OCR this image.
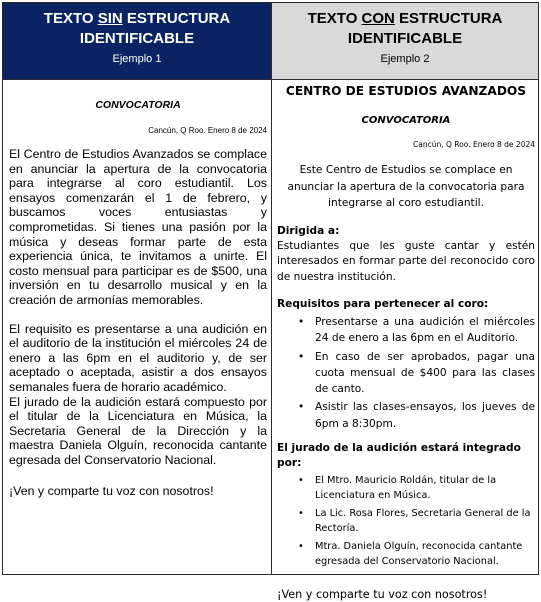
TEXTO SIN ESTRUCTURA
IDENTIFICABLE
Ejemplo 1
TEXTO CON ESTRUCTURA
IDENTIFICABLE
Ejemplo 2
CONVOCATORIA
Cancún, Q Roo. Enero 8 de 2024

El Centro de Estudios Avanzados se complace en anunciar la apertura de la convocatoria para integrarse al coro estudiantil. Los ensayos comenzarán el 1 de febrero, y buscamos voces entusiastas y comprometidas. Si tienes una pasión por la música y deseas formar parte de esta experiencia única, te invitamos a unirte. El costo mensual para participar es de $500, una inversión en tu desarrollo musical y en la creación de armonías memorables.

El requisito es presentarse a una audición en el auditorio de la institución el miércoles 24 de enero a las 6pm en el auditorio y, de ser aceptado o aceptada, asistir a dos ensayos semanales fuera de horario académico.

El jurado de la audición estará compuesto por el titular de la Licenciatura en Música, la Secretaria General de la Dirección y la maestra Daniela Olguín, reconocida cantante egresada del Conservatorio Nacional.

¡Ven y comparte tu voz con nosotros!

CENTRO DE ESTUDIOS AVANZADOS
CONVOCATORIA
Cancún, Q Roo. Enero 8 de 2024
Este Centro de Estudios se complace en anunciar la apertura de la convocatoria para integrarse al coro estudiantil.
Dirigida a:
Estudiantes que les guste cantar y estén interesados en formar parte del reconocido coro de nuestra institución.
Requisitos para pertenecer al coro:
• Presentarse a una audición el miércoles 24 de enero a las 6pm en el Auditorio.
• En caso de ser aprobados, pagar una cuota mensual de $400 para las clases de canto.
• Asistir las clases-ensayos, los jueves de 6pm a 8:30pm.
El jurado de la audición estará integrado por:
• El Mtro. Mauricio Roldán, titular de la Licenciatura en Música.
• La Lic. Rosa Flores, Secretaria General de la Rectoría.
• Mtra. Daniela Olguín, reconocida cantante egresada del Conservatorio Nacional.
¡Ven y comparte tu voz con nosotros!
